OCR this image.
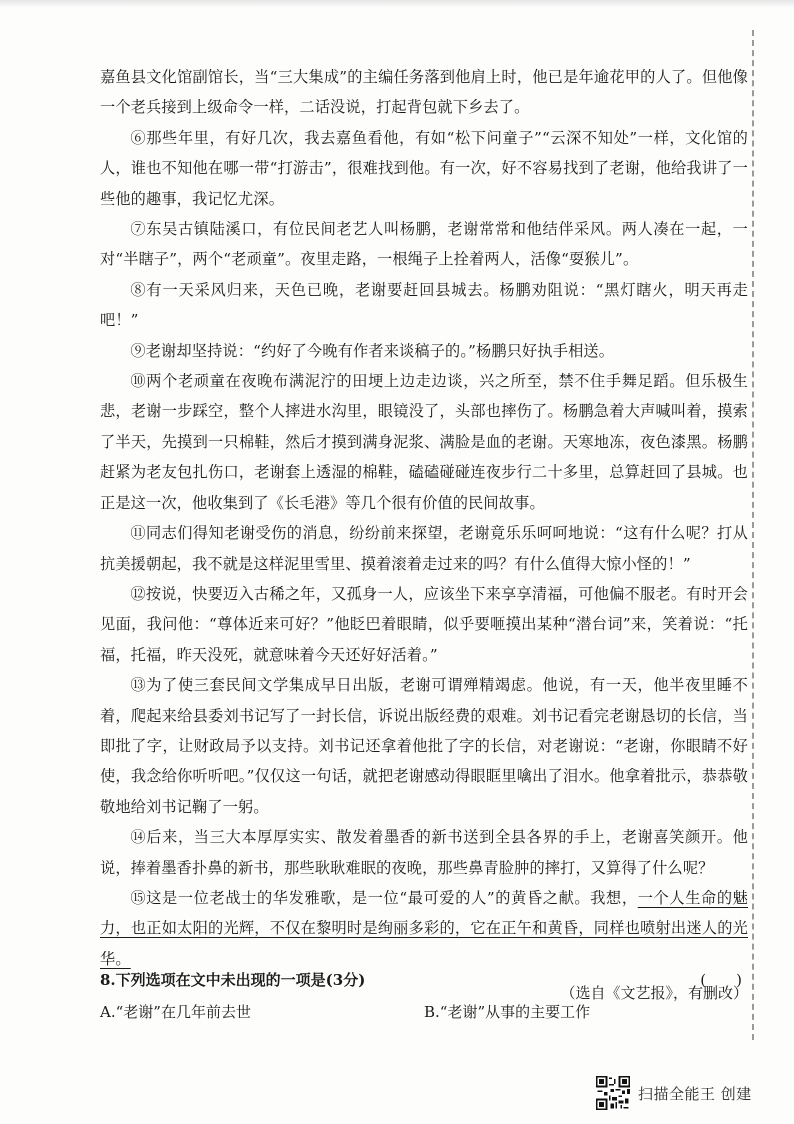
嘉鱼县文化馆副馆长，当“三大集成”的主编任务落到他肩上时，他已是年逾花甲的人了。但他像一个老兵接到上级命令一样，二话没说，打起背包就下乡去了。

⑥那些年里，有好几次，我去嘉鱼看他，有如“松下问童子”“云深不知处”一样，文化馆的人，谁也不知他在哪一带“打游击”，很难找到他。有一次，好不容易找到了老谢，他给我讲了一些他的趣事，我记忆尤深。

⑦东吴古镇陆溪口，有位民间老艺人叫杨鹏，老谢常常和他结伴采风。两人凑在一起，一对“半瞎子”，两个“老顽童”。夜里走路，一根绳子上拴着两人，活像“耍猴儿”。

⑧有一天采风归来，天色已晚，老谢要赶回县城去。杨鹏劝阻说：“黑灯瞎火，明天再走吧！”

⑨老谢却坚持说：“约好了今晚有作者来谈稿子的。”杨鹏只好执手相送。

⑩两个老顽童在夜晚布满泥泞的田埂上边走边谈，兴之所至，禁不住手舞足蹈。但乐极生悲，老谢一步踩空，整个人摔进水沟里，眼镜没了，头部也摔伤了。杨鹏急着大声喊叫着，摸索了半天，先摸到一只棉鞋，然后才摸到满身泥浆、满脸是血的老谢。天寒地冻，夜色漆黑。杨鹏赶紧为老友包扎伤口，老谢套上透湿的棉鞋，磕磕碰碰连夜步行二十多里，总算赶回了县城。也正是这一次，他收集到了《长毛港》等几个很有价值的民间故事。

⑪同志们得知老谢受伤的消息，纷纷前来探望，老谢竟乐乐呵呵地说：“这有什么呢？打从抗美援朝起，我不就是这样泥里雪里、摸着滚着走过来的吗？有什么值得大惊小怪的！”

⑫按说，快要迈入古稀之年，又孤身一人，应该坐下来享享清福，可他偏不服老。有时开会见面，我问他：“尊体近来可好？”他眨巴着眼睛，似乎要咂摸出某种“潜台词”来，笑着说：“托福，托福，昨天没死，就意味着今天还好好活着。”

⑬为了使三套民间文学集成早日出版，老谢可谓殚精竭虑。他说，有一天，他半夜里睡不着，爬起来给县委刘书记写了一封长信，诉说出版经费的艰难。刘书记看完老谢恳切的长信，当即批了字，让财政局予以支持。刘书记还拿着他批了字的长信，对老谢说：“老谢，你眼睛不好使，我念给你听听吧。”仅仅这一句话，就把老谢感动得眼眶里噙出了泪水。他拿着批示，恭恭敬敬地给刘书记鞠了一躬。

⑭后来，当三大本厚厚实实、散发着墨香的新书送到全县各界的手上，老谢喜笑颜开。他说，捧着墨香扑鼻的新书，那些耿耿难眠的夜晚，那些鼻青脸肿的摔打，又算得了什么呢？

⑮这是一位老战士的华发雅歌，是一位“最可爱的人”的黄昏之献。我想，一个人生命的魅力，也正如太阳的光辉，不仅在黎明时是绚丽多彩的，它在正午和黄昏，同样也喷射出迷人的光华。

（选自《文艺报》，有删改）

8.下列选项在文中未出现的一项是(3分)	(　　)
A.“老谢”在几年前去世	B.“老谢”从事的主要工作
扫描全能王 创建
